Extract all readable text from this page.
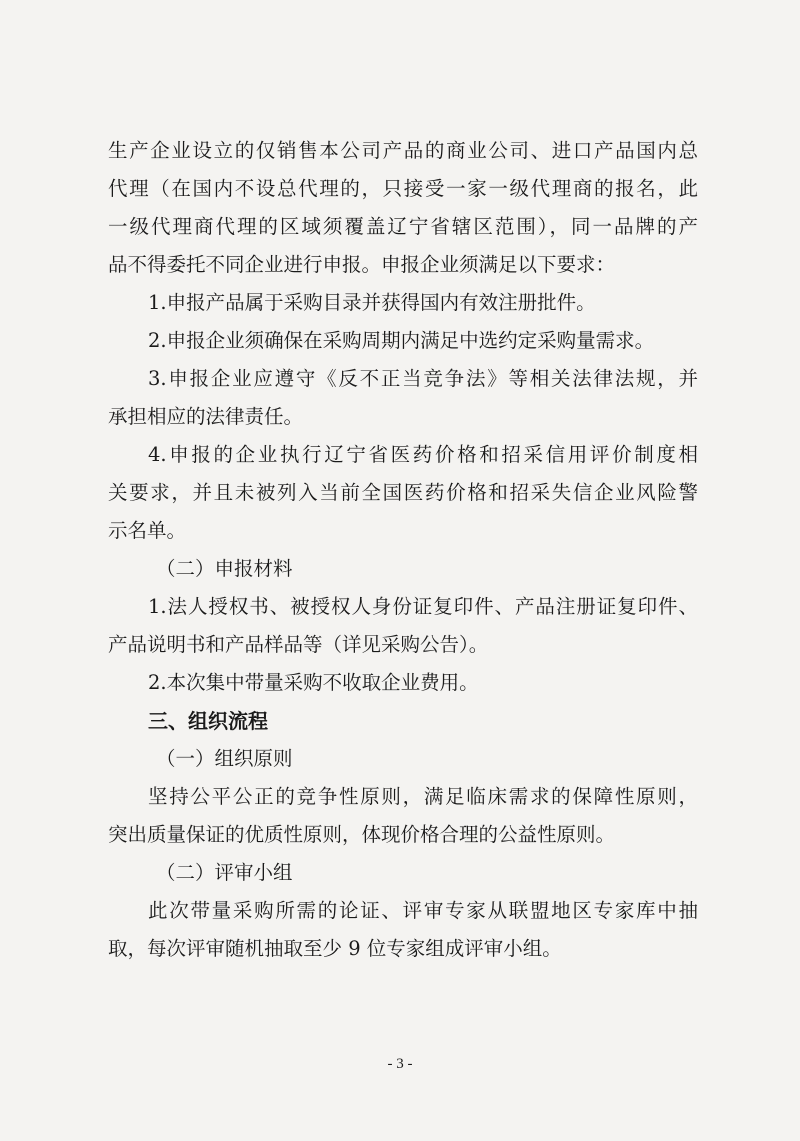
生产企业设立的仅销售本公司产品的商业公司、进口产品国内总
代理（在国内不设总代理的，只接受一家一级代理商的报名，此
一级代理商代理的区域须覆盖辽宁省辖区范围），同一品牌的产
品不得委托不同企业进行申报。申报企业须满足以下要求：
1.申报产品属于采购目录并获得国内有效注册批件。
2.申报企业须确保在采购周期内满足中选约定采购量需求。
3.申报企业应遵守《反不正当竞争法》等相关法律法规，并
承担相应的法律责任。
4.申报的企业执行辽宁省医药价格和招采信用评价制度相
关要求，并且未被列入当前全国医药价格和招采失信企业风险警
示名单。
（二）申报材料
1.法人授权书、被授权人身份证复印件、产品注册证复印件、
产品说明书和产品样品等（详见采购公告）。
2.本次集中带量采购不收取企业费用。
三、组织流程
（一）组织原则
坚持公平公正的竞争性原则，满足临床需求的保障性原则，
突出质量保证的优质性原则，体现价格合理的公益性原则。
（二）评审小组
此次带量采购所需的论证、评审专家从联盟地区专家库中抽
取，每次评审随机抽取至少 9 位专家组成评审小组。
- 3 -
